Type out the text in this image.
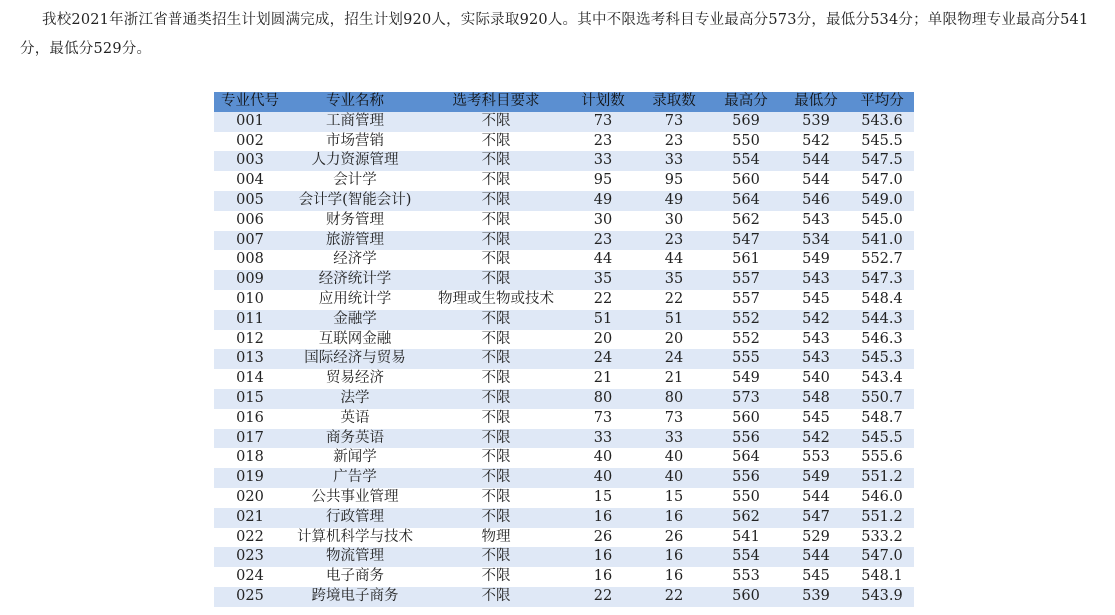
我校2021年浙江省普通类招生计划圆满完成，招生计划920人，实际录取920人。其中不限选考科目专业最高分573分，最低分534分；单限物理专业最高分541分，最低分529分。

专业代号	专业名称	选考科目要求	计划数	录取数	最高分	最低分	平均分
001	工商管理	不限	73	73	569	539	543.6
002	市场营销	不限	23	23	550	542	545.5
003	人力资源管理	不限	33	33	554	544	547.5
004	会计学	不限	95	95	560	544	547.0
005	会计学(智能会计)	不限	49	49	564	546	549.0
006	财务管理	不限	30	30	562	543	545.0
007	旅游管理	不限	23	23	547	534	541.0
008	经济学	不限	44	44	561	549	552.7
009	经济统计学	不限	35	35	557	543	547.3
010	应用统计学	物理或生物或技术	22	22	557	545	548.4
011	金融学	不限	51	51	552	542	544.3
012	互联网金融	不限	20	20	552	543	546.3
013	国际经济与贸易	不限	24	24	555	543	545.3
014	贸易经济	不限	21	21	549	540	543.4
015	法学	不限	80	80	573	548	550.7
016	英语	不限	73	73	560	545	548.7
017	商务英语	不限	33	33	556	542	545.5
018	新闻学	不限	40	40	564	553	555.6
019	广告学	不限	40	40	556	549	551.2
020	公共事业管理	不限	15	15	550	544	546.0
021	行政管理	不限	16	16	562	547	551.2
022	计算机科学与技术	物理	26	26	541	529	533.2
023	物流管理	不限	16	16	554	544	547.0
024	电子商务	不限	16	16	553	545	548.1
025	跨境电子商务	不限	22	22	560	539	543.9
